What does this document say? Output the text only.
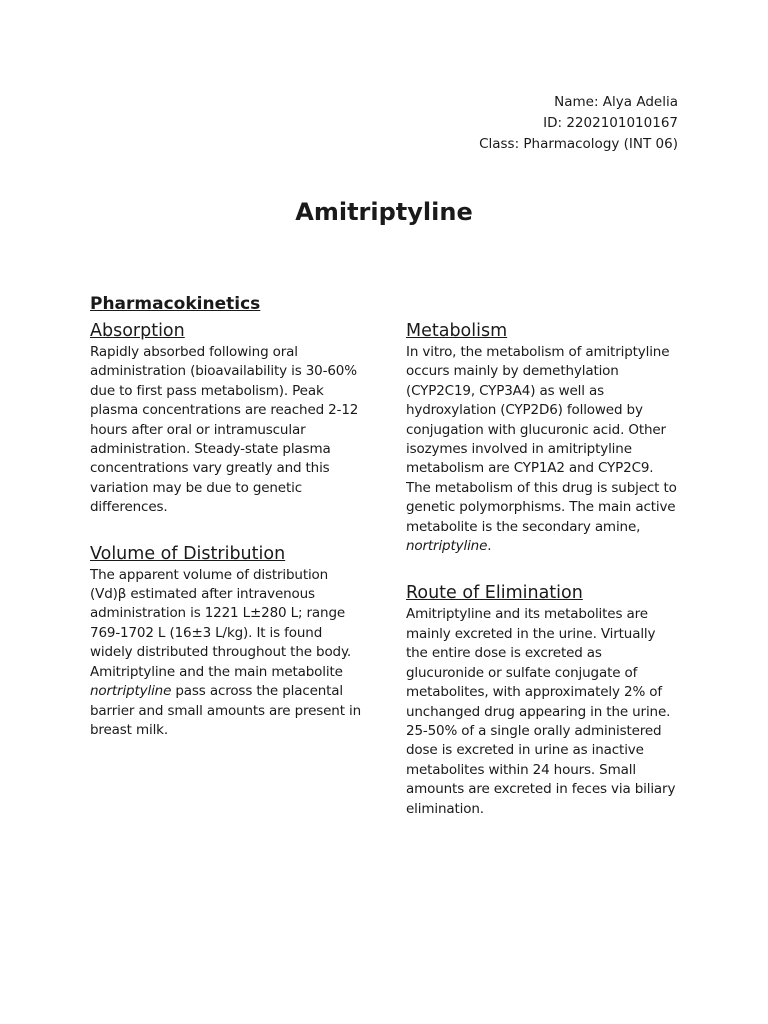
Name: Alya Adelia
ID: 2202101010167
Class: Pharmacology (INT 06)
Amitriptyline
Pharmacokinetics
Absorption

Rapidly absorbed following oral administration (bioavailability is 30-60% due to first pass metabolism). Peak plasma concentrations are reached 2-12 hours after oral or intramuscular administration. Steady-state plasma concentrations vary greatly and this variation may be due to genetic differences.

Volume of Distribution

The apparent volume of distribution (Vd)β estimated after intravenous administration is 1221 L±280 L; range 769-1702 L (16±3 L/kg). It is found widely distributed throughout the body. Amitriptyline and the main metabolite nortriptyline pass across the placental barrier and small amounts are present in breast milk.

Metabolism

In vitro, the metabolism of amitriptyline occurs mainly by demethylation (CYP2C19, CYP3A4) as well as hydroxylation (CYP2D6) followed by conjugation with glucuronic acid. Other isozymes involved in amitriptyline metabolism are CYP1A2 and CYP2C9. The metabolism of this drug is subject to genetic polymorphisms. The main active metabolite is the secondary amine, nortriptyline.

Route of Elimination

Amitriptyline and its metabolites are mainly excreted in the urine. Virtually the entire dose is excreted as glucuronide or sulfate conjugate of metabolites, with approximately 2% of unchanged drug appearing in the urine. 25-50% of a single orally administered dose is excreted in urine as inactive metabolites within 24 hours. Small amounts are excreted in feces via biliary elimination.
